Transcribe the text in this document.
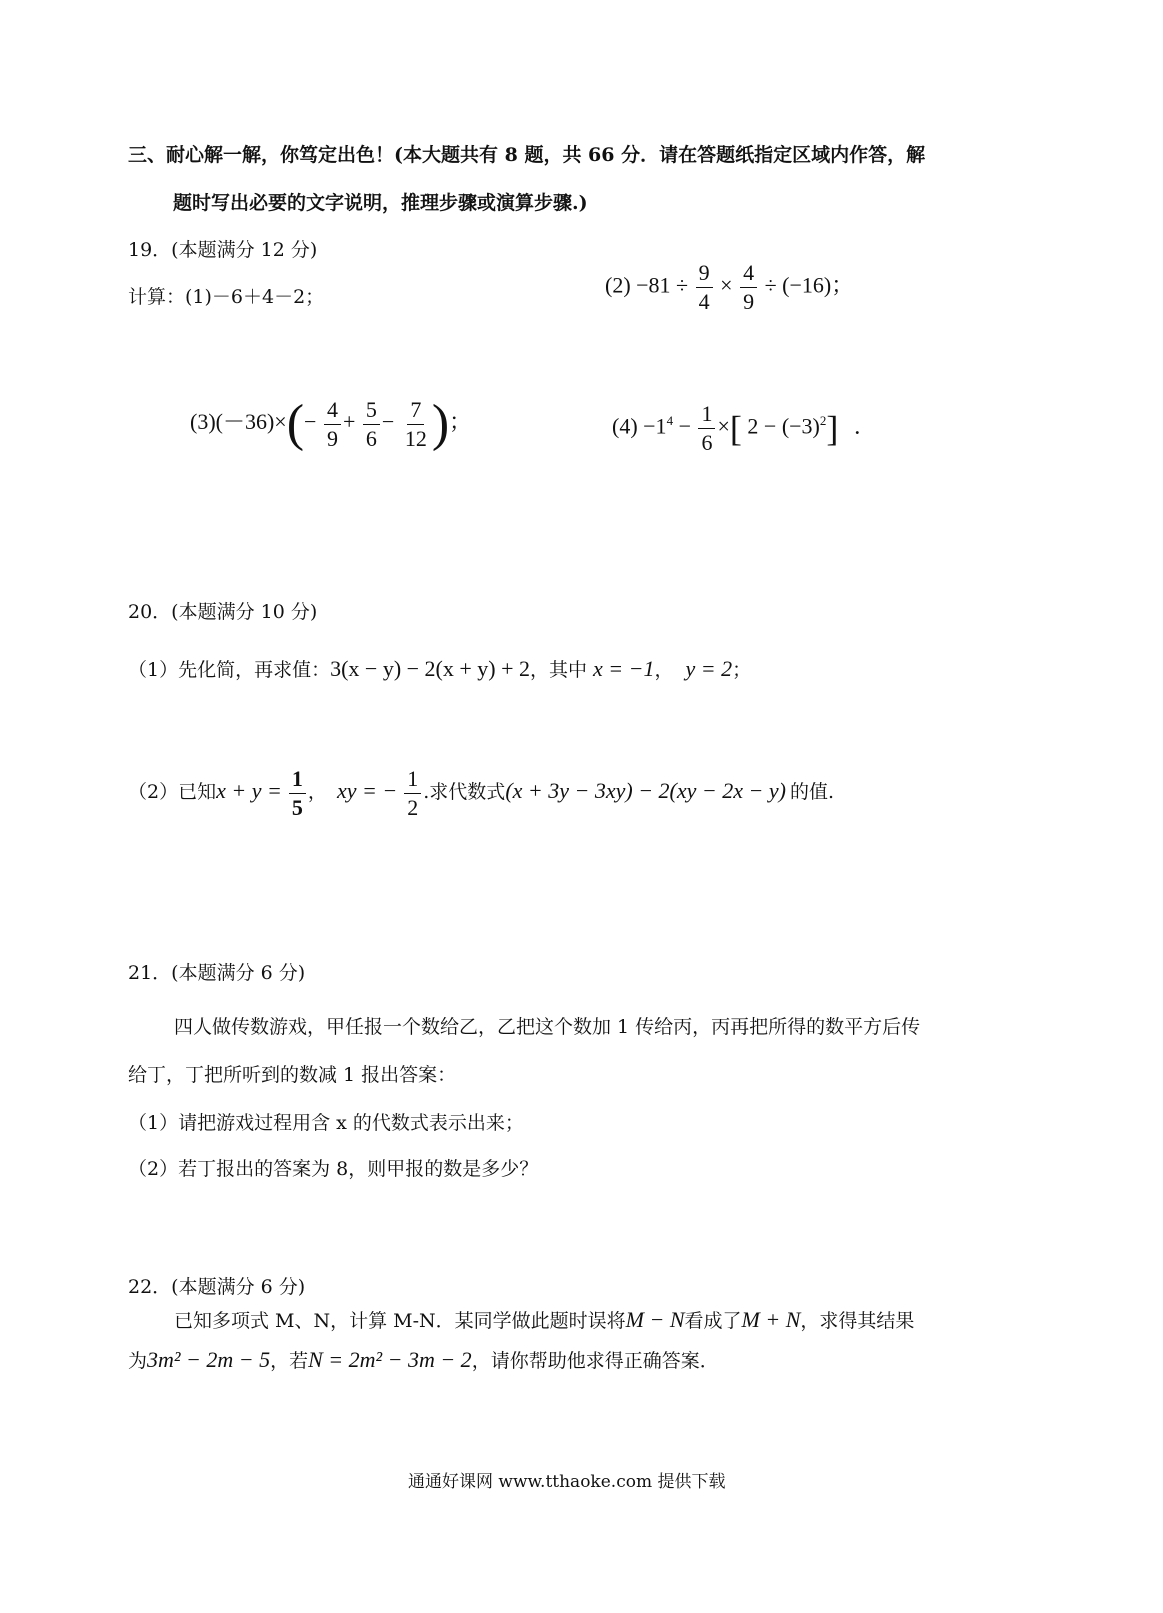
三、耐心解一解，你笃定出色！(本大题共有 8 题，共 66 分．请在答题纸指定区域内作答，解
题时写出必要的文字说明，推理步骤或演算步骤.)
19．(本题满分 12 分)
计算：(1)－6＋4－2；	$(2) -81 \div \frac{9}{4} \times \frac{4}{9} \div (-16)$；
$(3)(-36)\times(- \frac{4}{9} + \frac{5}{6} - \frac{7}{12}$ )；	$(4) -1^4 - \frac{1}{6}$ ×[ $2 - (-3)^2$] ．
20．(本题满分 10 分)
（1）先化简，再求值：3(x − y) − 2(x + y) + 2，其中 x = −1， y = 2；
（2）已知$x + y = \frac{1}{5}$ ， xy = − $\frac{1}{2}$ .求代数式(x + 3y − 3xy) − 2(xy − 2x − y) 的值.
21．(本题满分 6 分)
四人做传数游戏，甲任报一个数给乙，乙把这个数加 1 传给丙，丙再把所得的数平方后传
给丁，丁把所听到的数减 1 报出答案：
（1）请把游戏过程用含 x 的代数式表示出来；
（2）若丁报出的答案为 8，则甲报的数是多少？
22．(本题满分 6 分)
已知多项式 M、N，计算 M-N．某同学做此题时误将M − N看成了M + N，求得其结果
为3m² − 2m − 5，若N = 2m² − 3m − 2，请你帮助他求得正确答案．
通通好课网 www.tthaoke.com 提供下载
